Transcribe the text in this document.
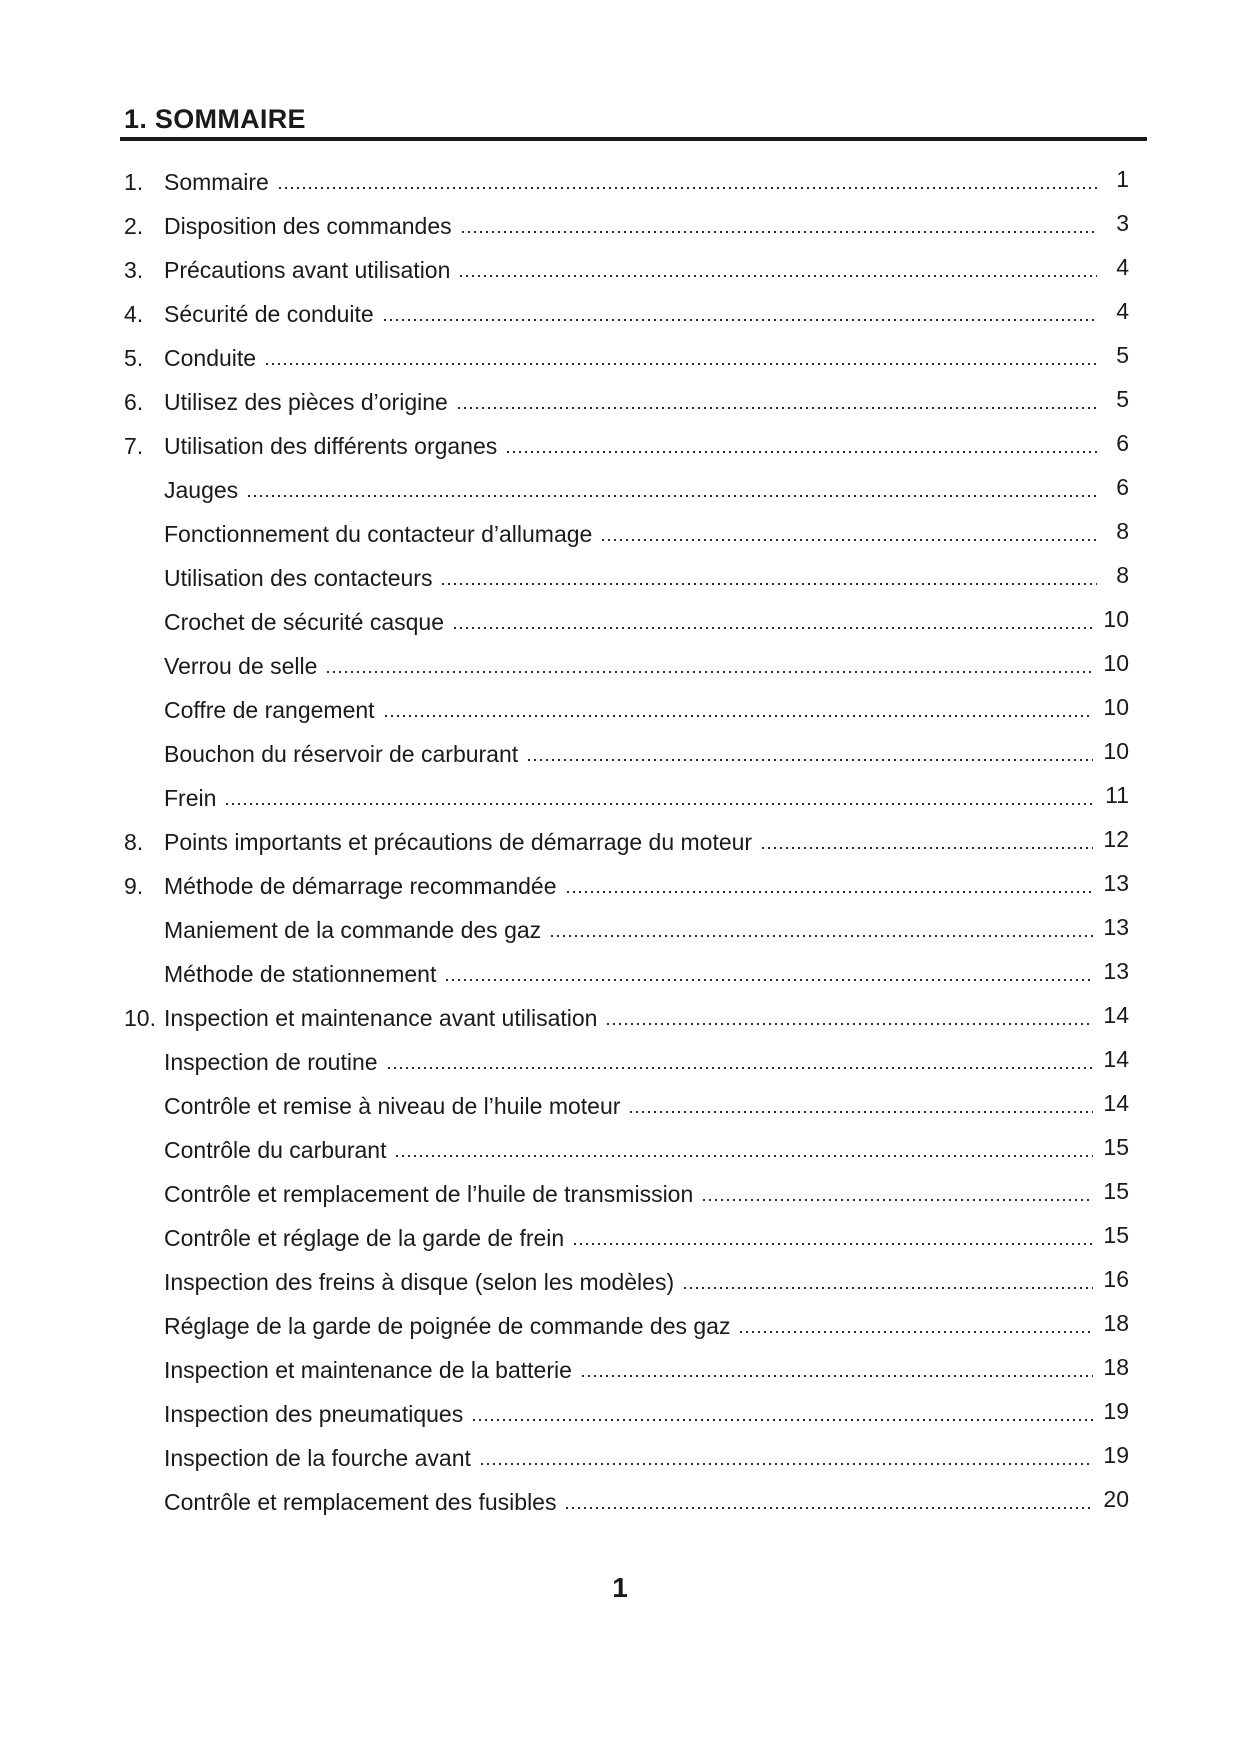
1. SOMMAIRE
1. Sommaire	1
2. Disposition des commandes	3
3. Précautions avant utilisation	4
4. Sécurité de conduite	4
5. Conduite	5
6. Utilisez des pièces d’origine	5
7. Utilisation des différents organes	6
Jauges	6
Fonctionnement du contacteur d’allumage	8
Utilisation des contacteurs	8
Crochet de sécurité casque	10
Verrou de selle	10
Coffre de rangement	10
Bouchon du réservoir de carburant	10
Frein	11
8. Points importants et précautions de démarrage du moteur	12
9. Méthode de démarrage recommandée	13
Maniement de la commande des gaz	13
Méthode de stationnement	13
10. Inspection et maintenance avant utilisation	14
Inspection de routine	14
Contrôle et remise à niveau de l’huile moteur	14
Contrôle du carburant	15
Contrôle et remplacement de l’huile de transmission	15
Contrôle et réglage de la garde de frein	15
Inspection des freins à disque (selon les modèles)	16
Réglage de la garde de poignée de commande des gaz	18
Inspection et maintenance de la batterie	18
Inspection des pneumatiques	19
Inspection de la fourche avant	19
Contrôle et remplacement des fusibles	20
1
